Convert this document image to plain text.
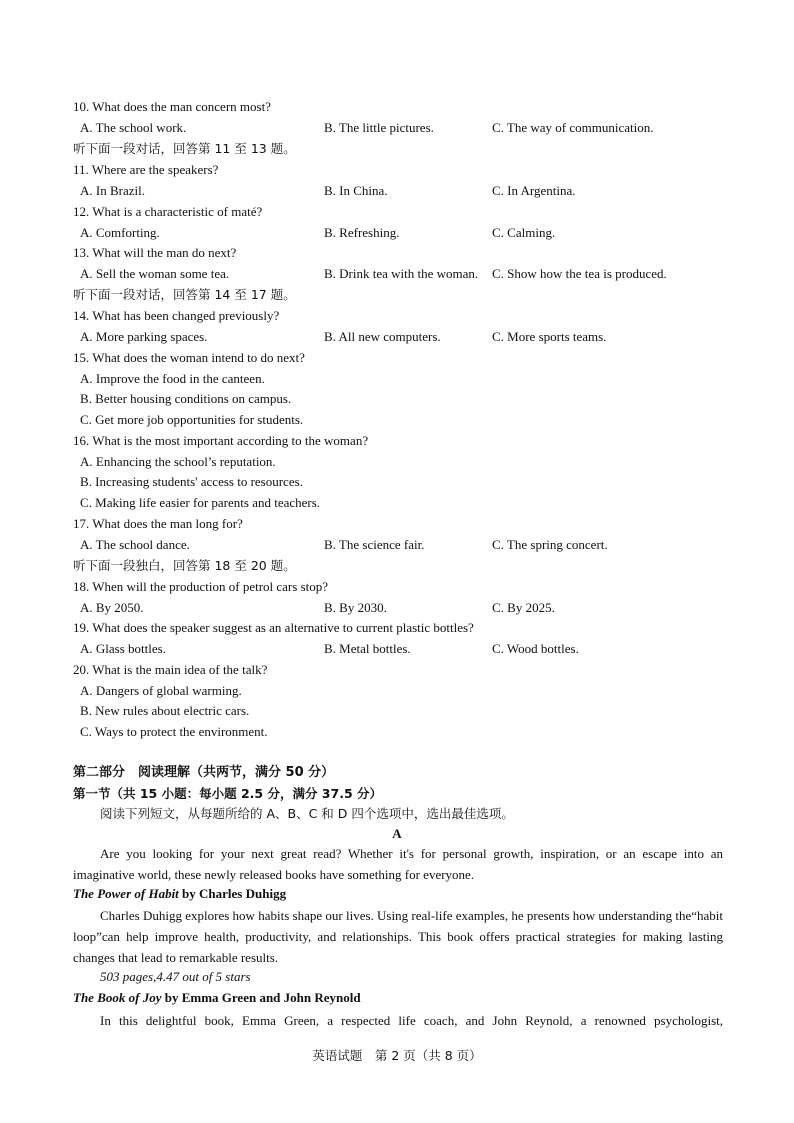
10. What does the man concern most?
A. The school work.	B. The little pictures.	C. The way of communication.
听下面一段对话，回答第 11 至 13 题。
11. Where are the speakers?
A. In Brazil.	B. In China.	C. In Argentina.
12. What is a characteristic of maté?
A. Comforting.	B. Refreshing.	C. Calming.
13. What will the man do next?
A. Sell the woman some tea.	B. Drink tea with the woman. C. Show how the tea is produced.
听下面一段对话，回答第 14 至 17 题。
14. What has been changed previously?
A. More parking spaces.	B. All new computers.	C. More sports teams.
15. What does the woman intend to do next?
A. Improve the food in the canteen.
B. Better housing conditions on campus.
C. Get more job opportunities for students.
16. What is the most important according to the woman?
A. Enhancing the school’s reputation.
B. Increasing students' access to resources.
C. Making life easier for parents and teachers.
17. What does the man long for?
A. The school dance.	B. The science fair.	C. The spring concert.
听下面一段独白，回答第 18 至 20 题。
18. When will the production of petrol cars stop?
A. By 2050.	B. By 2030.	C. By 2025.
19. What does the speaker suggest as an alternative to current plastic bottles?
A. Glass bottles.	B. Metal bottles.	C. Wood bottles.
20. What is the main idea of the talk?
A. Dangers of global warming.
B. New rules about electric cars.
C. Ways to protect the environment.
第二部分　阅读理解（共两节，满分 50 分）
第一节（共 15 小题：每小题 2.5 分，满分 37.5 分）
阅读下列短文，从每题所给的 A、B、C 和 D 四个选项中，选出最佳选项。
A
Are you looking for your next great read? Whether it's for personal growth, inspiration, or an escape into an imaginative world, these newly released books have something for everyone.
The Power of Habit by Charles Duhigg
Charles Duhigg explores how habits shape our lives. Using real-life examples, he presents how understanding the“habit loop”can help improve health, productivity, and relationships. This book offers practical strategies for making lasting changes that lead to remarkable results.
503 pages,4.47 out of 5 stars
The Book of Joy by Emma Green and John Reynold
In this delightful book, Emma Green, a respected life coach, and John Reynold, a renowned psychologist,
英语试题　第 2 页（共 8 页）
